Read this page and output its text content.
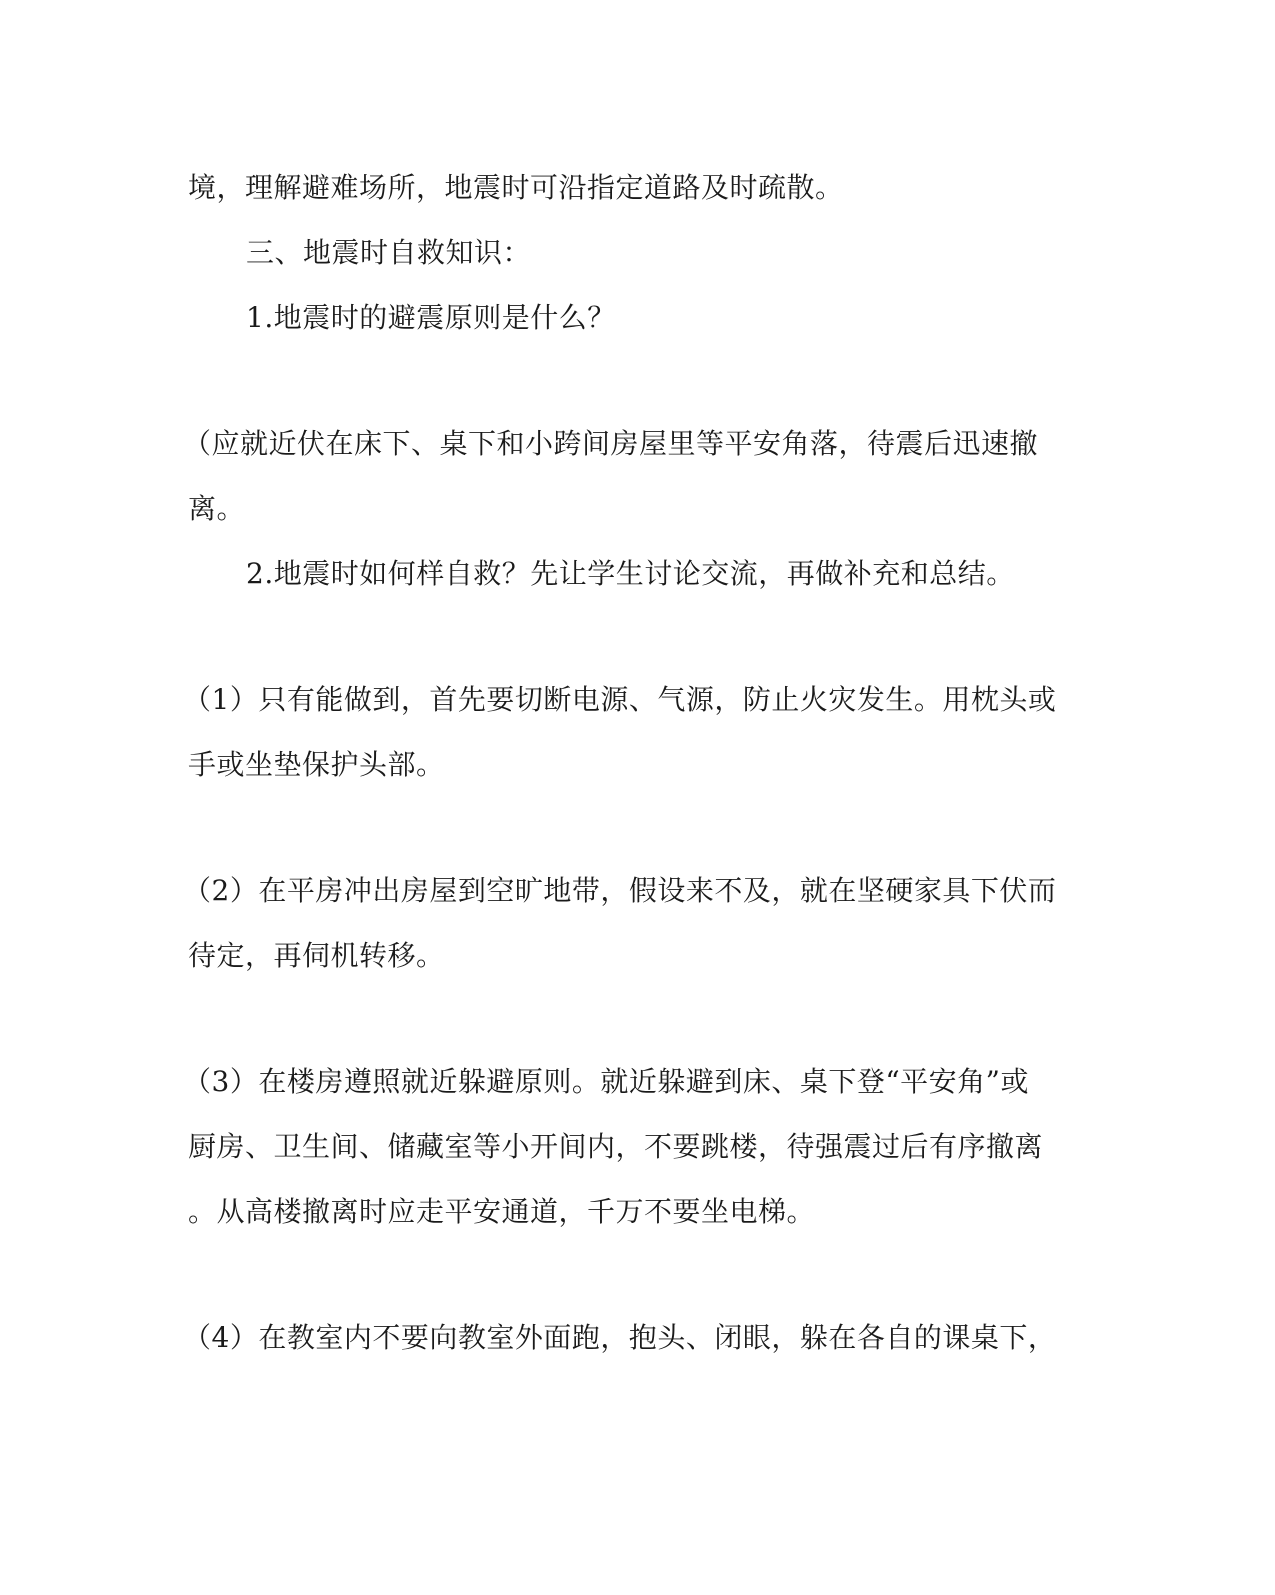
境，理解避难场所，地震时可沿指定道路及时疏散。
三、地震时自救知识：
1.地震时的避震原则是什么？
（应就近伏在床下、桌下和小跨间房屋里等平安角落，待震后迅速撤
离。
2.地震时如何样自救？先让学生讨论交流，再做补充和总结。
（1）只有能做到，首先要切断电源、气源，防止火灾发生。用枕头或
手或坐垫保护头部。
（2）在平房冲出房屋到空旷地带，假设来不及，就在坚硬家具下伏而
待定，再伺机转移。
（3）在楼房遵照就近躲避原则。就近躲避到床、桌下登“平安角”或
厨房、卫生间、储藏室等小开间内，不要跳楼，待强震过后有序撤离
。从高楼撤离时应走平安通道，千万不要坐电梯。
（4）在教室内不要向教室外面跑，抱头、闭眼，躲在各自的课桌下，
